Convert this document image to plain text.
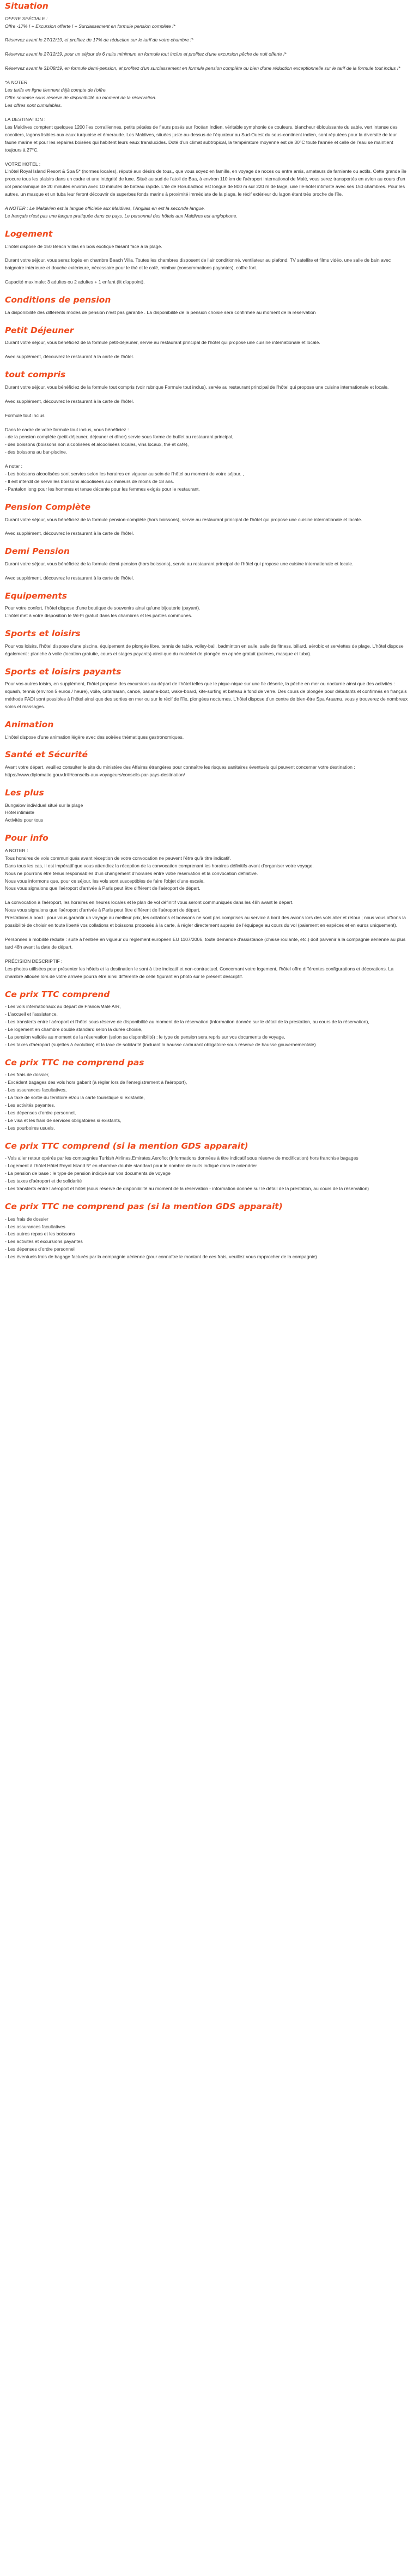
Situation

OFFRE SPÉCIALE :

Offre -17% ! + Excursion offerte ! + Surclassement en formule pension complète !*

Réservez avant le 27/12/19, et profitez de 17% de réduction sur le tarif de votre chambre !*

Réservez avant le 27/12/19, pour un séjour de 6 nuits minimum en formule tout inclus et profitez d'une excursion pêche de nuit offerte !*

Réservez avant le 31/08/19, en formule demi-pension, et profitez d'un surclassement en formule pension complète ou bien d'une réduction exceptionnelle sur le tarif de la formule tout inclus !*

*A NOTER

Les tarifs en ligne tiennent déjà compte de l'offre.

Offre soumise sous réserve de disponibilité au moment de la réservation.

Les offres sont cumulables.

LA DESTINATION :

Les Maldives comptent quelques 1200 îles corralliennes, petits pétales de fleurs posés sur l'océan Indien, véritable symphonie de couleurs, blancheur éblouissante du sable, vert intense des cocotiers, lagons lisibles aux eaux turquoise et émeraude. Les Maldives, situées juste au-dessus de l'équateur au Sud-Ouest du sous-continent indien, sont réputées pour la diversité de leur faune marine et pour les repaires boisées qui habitent leurs eaux translucides. Doté d'un climat subtropical, la température moyenne est de 30°C toute l'année et celle de l'eau se maintient toujours à 27°C.

VOTRE HOTEL :

L'hôtel Royal Island Resort & Spa 5* (normes locales), réputé aux désirs de tous,, que vous soyez en famille, en voyage de noces ou entre amis, amateurs de farniente ou actifs. Cette grande île procure tous les plaisirs dans un cadre et une intégrité de luxe. Situé au sud de l'atoll de Baa, à environ 110 km de l'aéroport international de Malé, vous serez transportés en avion au cours d'un vol panoramique de 20 minutes environ avec 10 minutes de bateau rapide. L'île de Horubadhoo est longue de 800 m sur 220 m de large, une île-hôtel intimiste avec ses 150 chambres. Pour les autres, un masque et un tuba leur feront découvrir de superbes fonds marins à proximité immédiate de la plage, le récif extérieur du lagon étant très proche de l'île.

A NOTER : Le Maldivien est la langue officielle aux Maldives, l'Anglais en est la seconde langue.

Le français n'est pas une langue pratiquée dans ce pays. Le personnel des hôtels aux Maldives est anglophone.

Logement

L'hôtel dispose de 150 Beach Villas en bois exotique faisant face à la plage.

Durant votre séjour, vous serez logés en chambre Beach Villa. Toutes les chambres disposent de l'air conditionné, ventilateur au plafond, TV satellite et films vidéo, une salle de bain avec baignoire intérieure et douche extérieure, nécessaire pour le thé et le café, minibar (consommations payantes), coffre fort.

Capacité maximale: 3 adultes ou 2 adultes + 1 enfant (lit d'appoint).

Conditions de pension

La disponibilité des différents modes de pension n'est pas garantie . La disponibilité de la pension choisie sera confirmée au moment de la réservation

Petit Déjeuner

Durant votre séjour, vous bénéficiez de la formule petit-déjeuner, servie au restaurant principal de l'hôtel qui propose une cuisine internationale et locale.

Avec supplément, découvrez le restaurant à la carte de l'hôtel.

tout compris

Durant votre séjour, vous bénéficiez de la formule tout compris (voir rubrique Formule tout inclus), servie au restaurant principal de l'hôtel qui propose une cuisine internationale et locale.

Avec supplément, découvrez le restaurant à la carte de l'hôtel.

Formule tout inclus

Dans le cadre de votre formule tout inclus, vous bénéficiez :

- de la pension complète (petit-déjeuner, déjeuner et dîner) servie sous forme de buffet au restaurant principal,

- des boissons (boissons non alcoolisées et alcoolisées locales, vins locaux, thé et café),

- des boissons au bar-piscine.

A noter :

- Les boissons alcoolisées sont servies selon les horaires en vigueur au sein de l'hôtel au moment de votre séjour. ,

- Il est interdit de servir les boissons alcoolisées aux mineurs de moins de 18 ans.

- Pantalon long pour les hommes et tenue décente pour les femmes exigés pour le restaurant.

Pension Complète

Durant votre séjour, vous bénéficiez de la formule pension-complète (hors boissons), servie au restaurant principal de l'hôtel qui propose une cuisine internationale et locale.

Avec supplément, découvrez le restaurant à la carte de l'hôtel.

Demi Pension

Durant votre séjour, vous bénéficiez de la formule demi-pension (hors boissons), servie au restaurant principal de l'hôtel qui propose une cuisine internationale et locale.

Avec supplément, découvrez le restaurant à la carte de l'hôtel.

Equipements

Pour votre confort, l'hôtel dispose d'une boutique de souvenirs ainsi qu'une bijouterie (payant).

L'hôtel met à votre disposition le Wi-Fi gratuit dans les chambres et les parties communes.

Sports et loisirs

Pour vos loisirs, l'hôtel dispose d'une piscine, équipement de plongée libre, tennis de table, volley-ball, badminton en salle, salle de fitness, billard, aérobic et serviettes de plage. L'hôtel dispose également : planche à voile (location gratuite, cours et stages payants) ainsi que du matériel de plongée en apnée gratuit (palmes, masque et tuba).

Sports et loisirs payants

Pour vos autres loisirs, en supplément, l'hôtel propose des excursions au départ de l'hôtel telles que le pique-nique sur une île déserte, la pêche en mer ou nocturne ainsi que des activités : squash, tennis (environ 5 euros / heure), voile, catamaran, canoë, banana-boat, wake-board, kite-surfing et bateau à fond de verre. Des cours de plongée pour débutants et confirmés en français méthode PADI sont possibles à l'hôtel ainsi que des sorties en mer ou sur le récif de l'île, plongées nocturnes. L'hôtel dispose d'un centre de bien-être Spa Araamu, vous y trouverez de nombreux soins et massages.

Animation

L'hôtel dispose d'une animation légère avec des soirées thématiques gastronomiques.

Santé et Sécurité

Avant votre départ, veuillez consulter le site du ministère des Affaires étrangères pour connaître les risques sanitaires éventuels qui peuvent concerner votre destination : https://www.diplomatie.gouv.fr/fr/conseils-aux-voyageurs/conseils-par-pays-destination/

Les plus

Bungalow individuel situé sur la plage

Hôtel intimiste

Activités pour tous

Pour info

A NOTER :

Tous horaires de vols communiqués avant réception de votre convocation ne peuvent l'être qu'à titre indicatif.

Dans tous les cas, il est impératif que vous attendiez la réception de la convocation comprenant les horaires définitifs avant d'organiser votre voyage.

Nous ne pourrons être tenus responsables d'un changement d'horaires entre votre réservation et la convocation définitive.

Nous vous informons que, pour ce séjour, les vols sont susceptibles de faire l'objet d'une escale.

Nous vous signalons que l'aéroport d'arrivée à Paris peut être différent de l'aéroport de départ.

La convocation à l'aéroport, les horaires en heures locales et le plan de vol définitif vous seront communiqués dans les 48h avant le départ.

Nous vous signalons que l'aéroport d'arrivée à Paris peut être différent de l'aéroport de départ.

Prestations à bord : pour vous garantir un voyage au meilleur prix, les collations et boissons ne sont pas comprises au service à bord des avions lors des vols aller et retour ; nous vous offrons la possibilité de choisir en toute liberté vos collations et boissons proposés à la carte, à régler directement auprès de l'équipage au cours du vol (paiement en espèces et en euros uniquement).

Personnes à mobilité réduite : suite à l'entrée en vigueur du règlement européen EU 1107/2006, toute demande d'assistance (chaise roulante, etc.) doit parvenir à la compagnie aérienne au plus tard 48h avant la date de départ.

PRÉCISION DESCRIPTIF :

Les photos utilisées pour présenter les hôtels et la destination le sont à titre indicatif et non-contractuel. Concernant votre logement, l'hôtel offre différentes configurations et décorations. La chambre allouée lors de votre arrivée pourra être ainsi différente de celle figurant en photo sur le présent descriptif.

Ce prix TTC comprend

- Les vols internationaux au départ de France/Malé A/R,

- L'accueil et l'assistance,

- Les transferts entre l'aéroport et l'hôtel sous réserve de disponibilité au moment de la réservation (information donnée sur le détail de la prestation, au cours de la réservation),

- Le logement en chambre double standard selon la durée choisie,

- La pension validée au moment de la réservation (selon sa disponibilité) : le type de pension sera repris sur vos documents de voyage,

- Les taxes d'aéroport (sujettes à évolution) et la taxe de solidarité (incluant la hausse carburant obligatoire sous réserve de hausse gouvernementale)

Ce prix TTC ne comprend pas

- Les frais de dossier,

- Excédent bagages des vols hors gabarit (à régler lors de l'enregistrement à l'aéroport),

- Les assurances facultatives,

- La taxe de sortie du territoire et/ou la carte touristique si existante,

- Les activités payantes,

- Les dépenses d'ordre personnel,

- Le visa et les frais de services obligatoires si existants,

- Les pourboires usuels.

Ce prix TTC comprend (si la mention GDS apparait)

- Vols aller retour opérés par les compagnies Turkish Airlines,Emirates,Aeroflot (Informations données à titre indicatif sous réserve de modification) hors franchise bagages

- Logement à l'hôtel Hôtel Royal Island 5* en chambre double standard pour le nombre de nuits indiqué dans le calendrier

- La pension de base : le type de pension indiqué sur vos documents de voyage

- Les taxes d'aéroport et de solidarité

- Les transferts entre l'aéroport et hôtel (sous réserve de disponibilité au moment de la réservation - information donnée sur le détail de la prestation, au cours de la réservation)

Ce prix TTC ne comprend pas (si la mention GDS apparait)

- Les frais de dossier

- Les assurances facultatives

- Les autres repas et les boissons

- Les activités et excursions payantes

- Les dépenses d'ordre personnel

- Les éventuels frais de bagage facturés par la compagnie aérienne (pour connaître le montant de ces frais, veuillez vous rapprocher de la compagnie)
